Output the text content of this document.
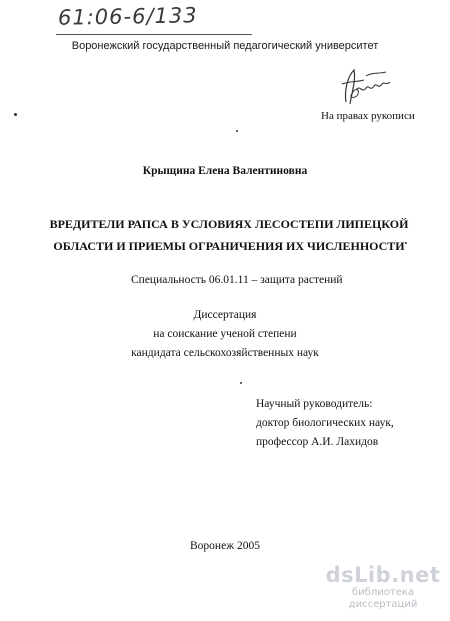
61:06-6/133
Воронежский государственный педагогический университет
На правах рукописи
Крыщина Елена Валентиновна
ВРЕДИТЕЛИ РАПСА В УСЛОВИЯХ ЛЕСОСТЕПИ ЛИПЕЦКОЙ
ОБЛАСТИ И ПРИЕМЫ ОГРАНИЧЕНИЯ ИХ ЧИСЛЕННОСТИ
Специальность 06.01.11 – защита растений
Диссертация
на соискание ученой степени
кандидата сельскохозяйственных наук
Научный руководитель:
доктор биологических наук,
профессор А.И. Лахидов
Воронеж 2005
dsLib.net
библиотека диссертаций
